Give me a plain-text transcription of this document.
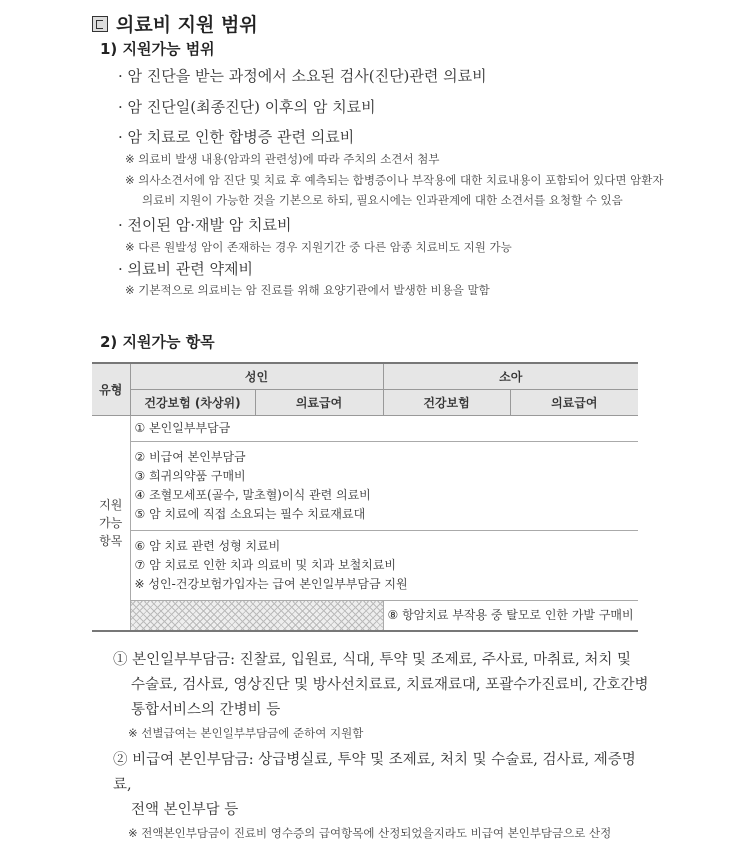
의료비 지원 범위
1) 지원가능 범위
· 암 진단을 받는 과정에서 소요된 검사(진단)관련 의료비
· 암 진단일(최종진단) 이후의 암 치료비
· 암 치료로 인한 합병증 관련 의료비
※ 의료비 발생 내용(암과의 관련성)에 따라 주치의 소견서 첨부
※ 의사소견서에 암 진단 및 치료 후 예측되는 합병증이나 부작용에 대한 치료내용이 포함되어 있다면 암환자
의료비 지원이 가능한 것을 기본으로 하되, 필요시에는 인과관계에 대한 소견서를 요청할 수 있음
· 전이된 암·재발 암 치료비
※ 다른 원발성 암이 존재하는 경우 지원기간 중 다른 암종 치료비도 지원 가능
· 의료비 관련 약제비
※ 기본적으로 의료비는 암 진료를 위해 요양기관에서 발생한 비용을 말함
2) 지원가능 항목
유형	성인		소아	
	건강보험 (차상위)	의료급여	건강보험	의료급여
지원 가능 항목	① 본인일부부담금			

	② 비급여 본인부담금
③ 희귀의약품 구매비
④ 조혈모세포(골수, 말초혈)이식 관련 의료비
⑤ 암 치료에 직접 소요되는 필수 치료재료대			

	⑥ 암 치료 관련 성형 치료비
⑦ 암 치료로 인한 치과 의료비 및 치과 보철치료비
※ 성인-건강보험가입자는 급여 본인일부부담금 지원			

			⑧ 항암치료 부작용 중 탈모로 인한 가발 구매비	
① 본인일부부담금: 진찰료, 입원료, 식대, 투약 및 조제료, 주사료, 마취료, 처치 및
수술료, 검사료, 영상진단 및 방사선치료료, 치료재료대, 포괄수가진료비, 간호간병 통합서비스의 간병비 등
※ 선별급여는 본인일부부담금에 준하여 지원함
② 비급여 본인부담금: 상급병실료, 투약 및 조제료, 처치 및 수술료, 검사료, 제증명료,
전액 본인부담 등
※ 전액본인부담금이 진료비 영수증의 급여항목에 산정되었을지라도 비급여 본인부담금으로 산정
